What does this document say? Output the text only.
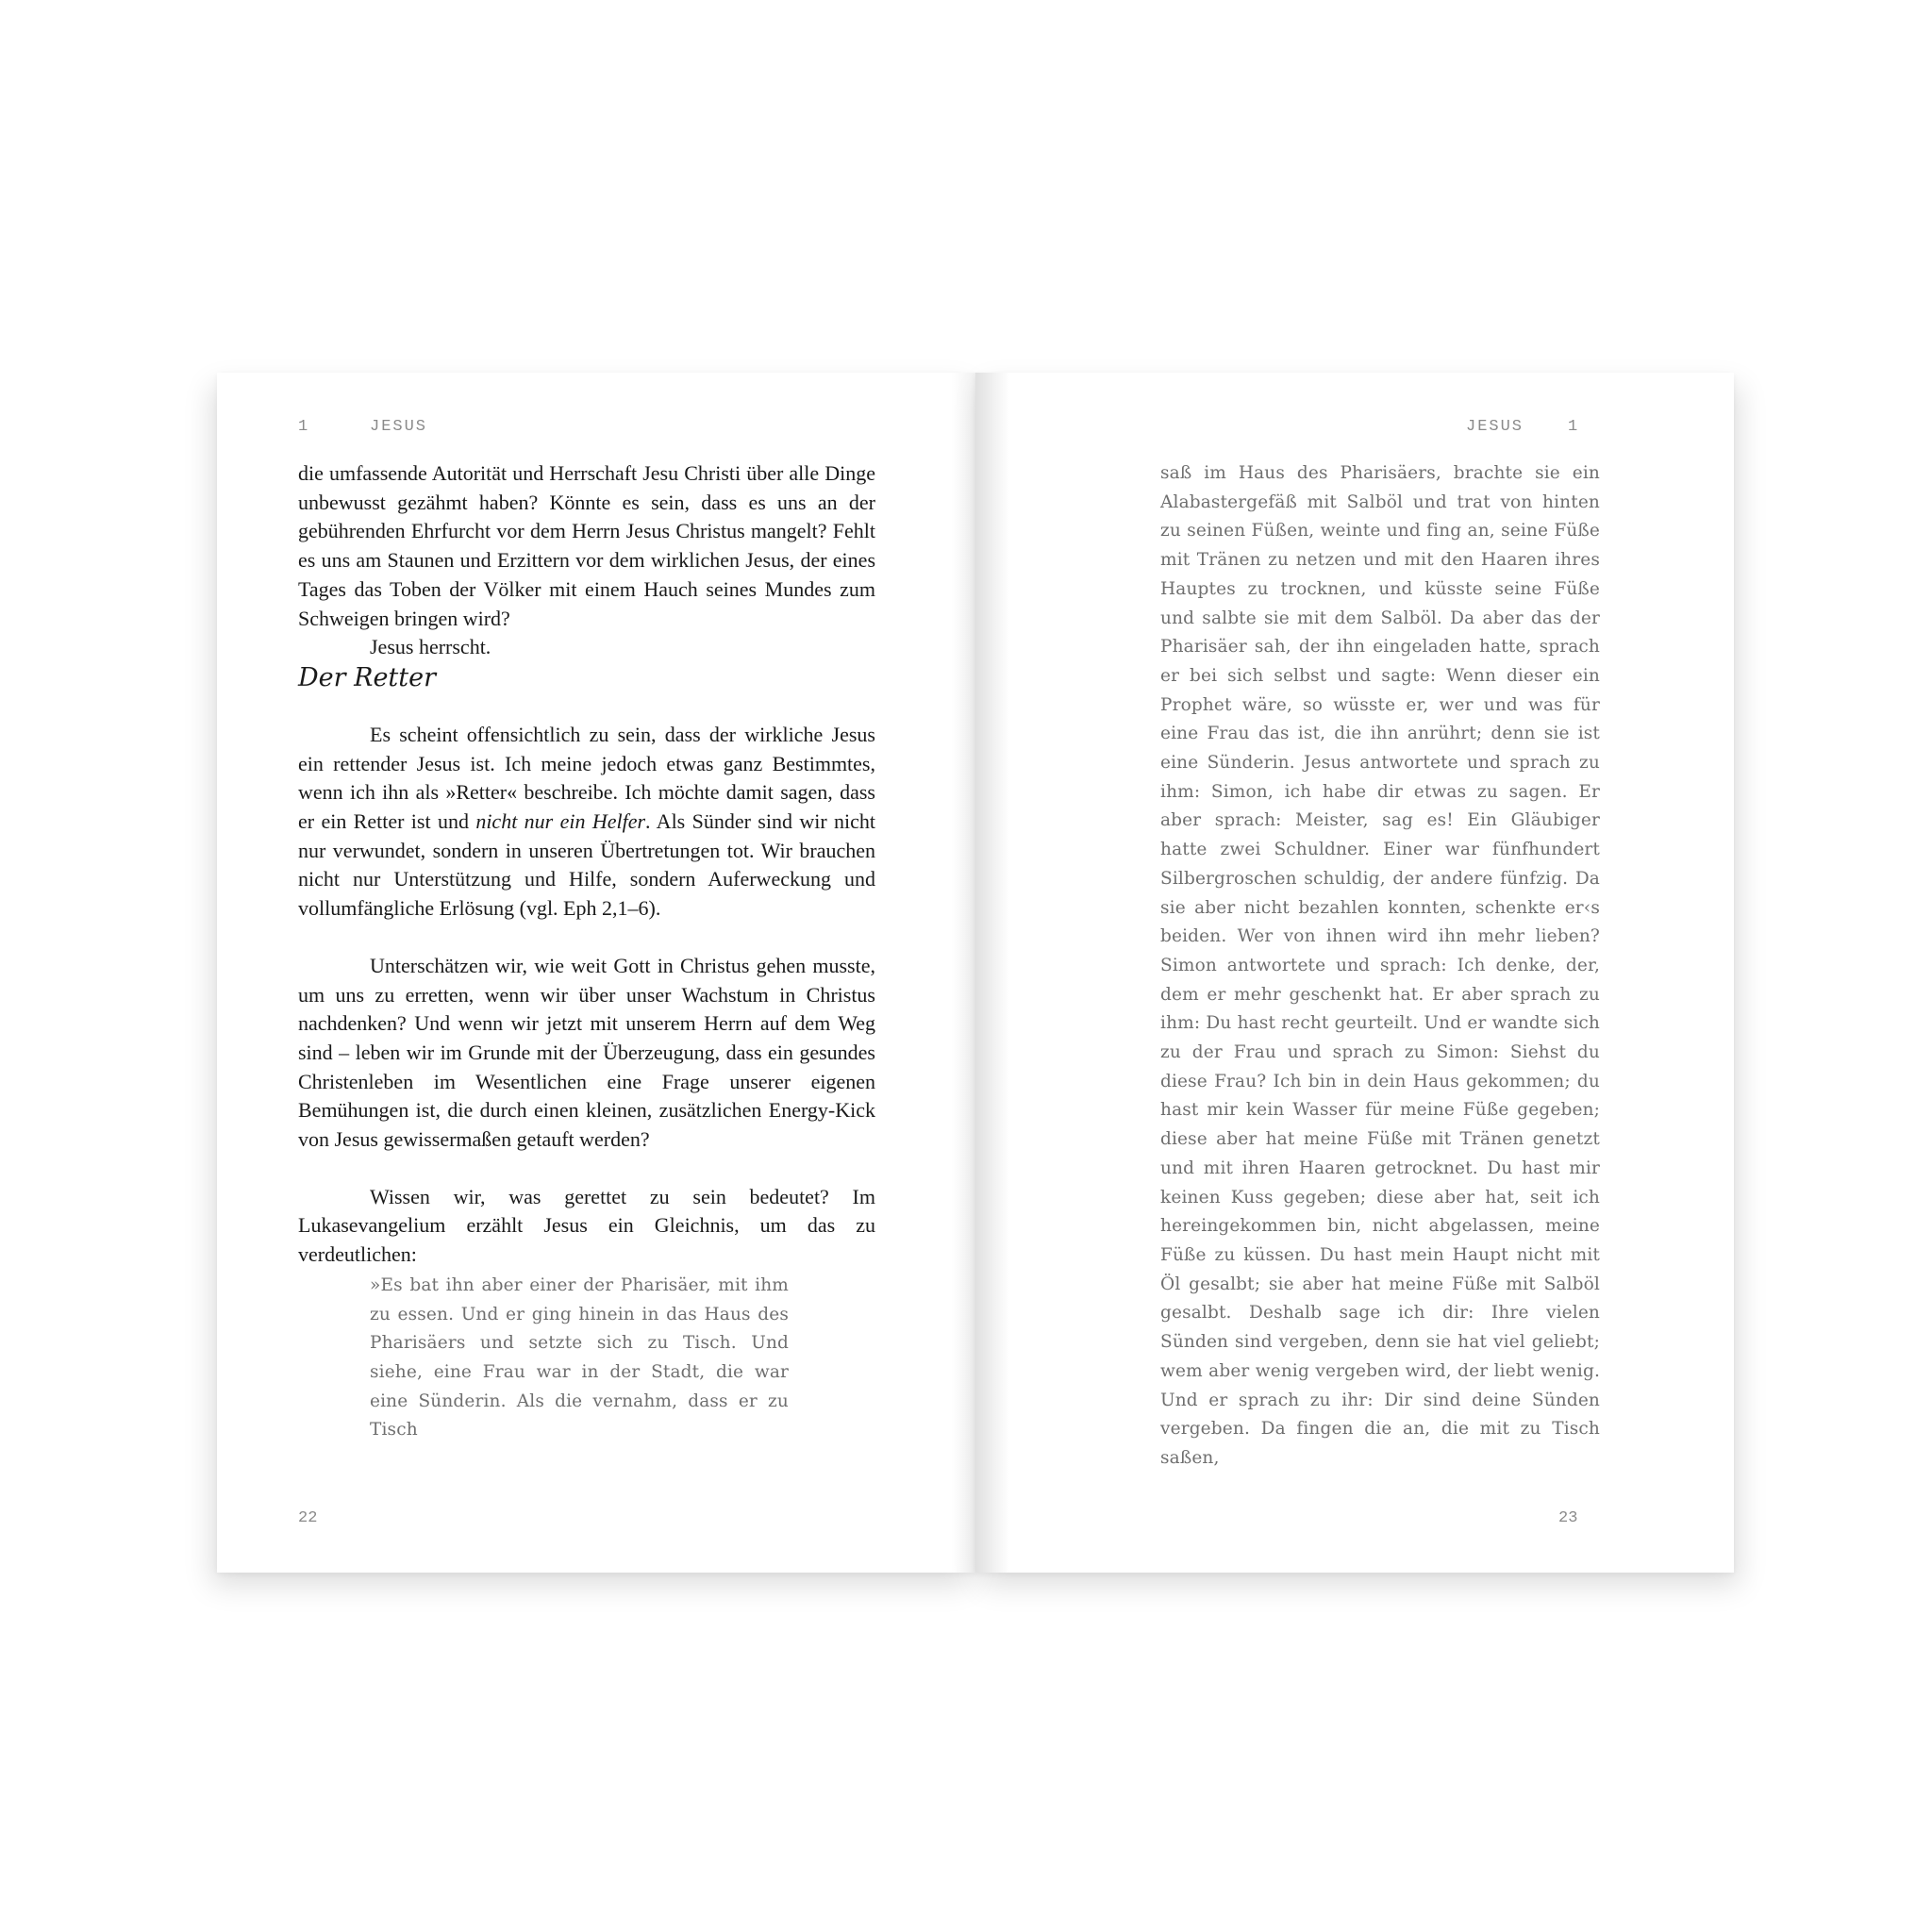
1	JESUS

die umfassende Autorität und Herrschaft Jesu Christi über alle Dinge unbewusst gezähmt haben? Könnte es sein, dass es uns an der gebührenden Ehrfurcht vor dem Herrn Jesus Christus mangelt? Fehlt es uns am Staunen und Erzittern vor dem wirklichen Jesus, der eines Tages das Toben der Völker mit einem Hauch seines Mundes zum Schweigen bringen wird?

Jesus herrscht.

Der Retter

Es scheint offensichtlich zu sein, dass der wirkliche Jesus ein rettender Jesus ist. Ich meine jedoch etwas ganz Bestimmtes, wenn ich ihn als »Retter« beschreibe. Ich möchte damit sagen, dass er ein Retter ist und nicht nur ein Helfer. Als Sünder sind wir nicht nur verwundet, sondern in unseren Übertretungen tot. Wir brauchen nicht nur Unterstützung und Hilfe, sondern Auferweckung und vollumfängliche Erlösung (vgl. Eph 2,1–6).

Unterschätzen wir, wie weit Gott in Christus gehen musste, um uns zu erretten, wenn wir über unser Wachstum in Christus nachdenken? Und wenn wir jetzt mit unserem Herrn auf dem Weg sind – leben wir im Grunde mit der Überzeugung, dass ein gesundes Christenleben im Wesentlichen eine Frage unserer eigenen Bemühungen ist, die durch einen kleinen, zusätzlichen Energy-Kick von Jesus gewissermaßen getauft werden?

Wissen wir, was gerettet zu sein bedeutet? Im Lukasevangelium erzählt Jesus ein Gleichnis, um das zu verdeutlichen:

»Es bat ihn aber einer der Pharisäer, mit ihm zu essen. Und er ging hinein in das Haus des Pharisäers und setzte sich zu Tisch. Und siehe, eine Frau war in der Stadt, die war eine Sünderin. Als die vernahm, dass er zu Tisch
22
JESUS	1
saß im Haus des Pharisäers, brachte sie ein Alabastergefäß mit Salböl und trat von hinten zu seinen Füßen, weinte und fing an, seine Füße mit Tränen zu netzen und mit den Haaren ihres Hauptes zu trocknen, und küsste seine Füße und salbte sie mit dem Salböl. Da aber das der Pharisäer sah, der ihn eingeladen hatte, sprach er bei sich selbst und sagte: Wenn dieser ein Prophet wäre, so wüsste er, wer und was für eine Frau das ist, die ihn anrührt; denn sie ist eine Sünderin. Jesus antwortete und sprach zu ihm: Simon, ich habe dir etwas zu sagen. Er aber sprach: Meister, sag es! Ein Gläubiger hatte zwei Schuldner. Einer war fünfhundert Silbergroschen schuldig, der andere fünfzig. Da sie aber nicht bezahlen konnten, schenkte er‹s beiden. Wer von ihnen wird ihn mehr lieben? Simon antwortete und sprach: Ich denke, der, dem er mehr geschenkt hat. Er aber sprach zu ihm: Du hast recht geurteilt. Und er wandte sich zu der Frau und sprach zu Simon: Siehst du diese Frau? Ich bin in dein Haus gekommen; du hast mir kein Wasser für meine Füße gegeben; diese aber hat meine Füße mit Tränen genetzt und mit ihren Haaren getrocknet. Du hast mir keinen Kuss gegeben; diese aber hat, seit ich hereingekommen bin, nicht abgelassen, meine Füße zu küssen. Du hast mein Haupt nicht mit Öl gesalbt; sie aber hat meine Füße mit Salböl gesalbt. Deshalb sage ich dir: Ihre vielen Sünden sind vergeben, denn sie hat viel geliebt; wem aber wenig vergeben wird, der liebt wenig. Und er sprach zu ihr: Dir sind deine Sünden vergeben. Da fingen die an, die mit zu Tisch saßen,
23
